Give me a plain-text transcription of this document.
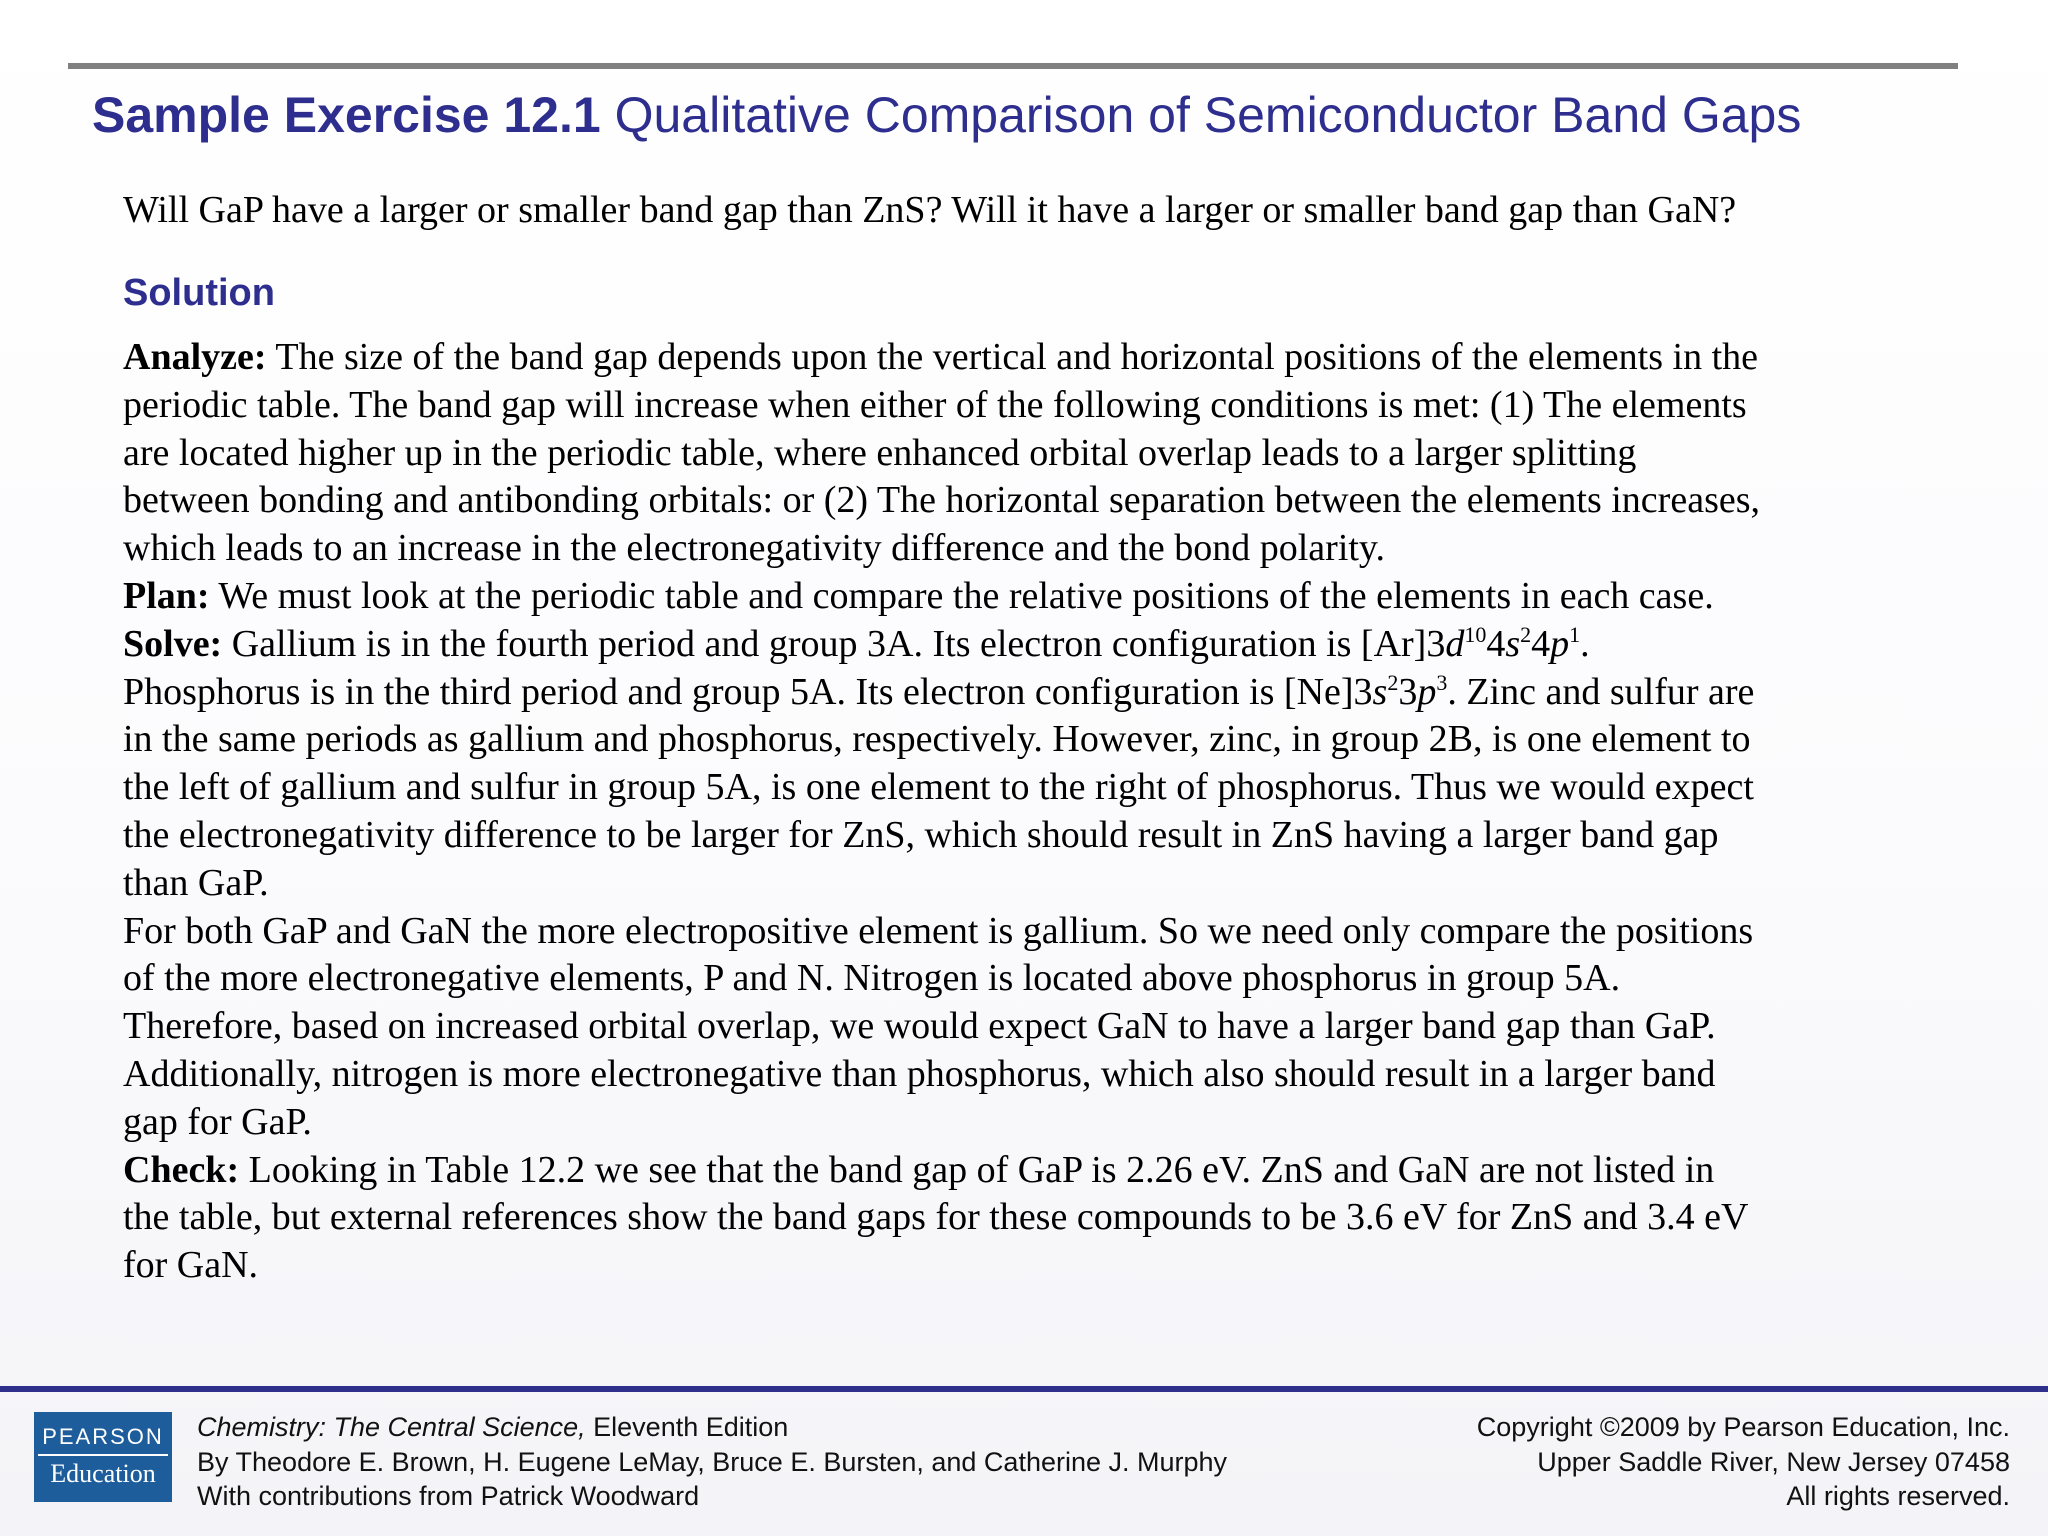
Sample Exercise 12.1 Qualitative Comparison of Semiconductor Band Gaps
Will GaP have a larger or smaller band gap than ZnS? Will it have a larger or smaller band gap than GaN?
Solution
Analyze: The size of the band gap depends upon the vertical and horizontal positions of the elements in the
periodic table. The band gap will increase when either of the following conditions is met: (1) The elements
are located higher up in the periodic table, where enhanced orbital overlap leads to a larger splitting
between bonding and antibonding orbitals: or (2) The horizontal separation between the elements increases,
which leads to an increase in the electronegativity difference and the bond polarity.
Plan: We must look at the periodic table and compare the relative positions of the elements in each case.
Solve: Gallium is in the fourth period and group 3A. Its electron configuration is $[Ar]3d^{10}4s^24p^1$.
Phosphorus is in the third period and group 5A. Its electron configuration is $[Ne]3s^23p^3$. Zinc and sulfur are
in the same periods as gallium and phosphorus, respectively. However, zinc, in group 2B, is one element to
the left of gallium and sulfur in group 5A, is one element to the right of phosphorus. Thus we would expect
the electronegativity difference to be larger for ZnS, which should result in ZnS having a larger band gap
than GaP.
For both GaP and GaN the more electropositive element is gallium. So we need only compare the positions
of the more electronegative elements, P and N. Nitrogen is located above phosphorus in group 5A.
Therefore, based on increased orbital overlap, we would expect GaN to have a larger band gap than GaP.
Additionally, nitrogen is more electronegative than phosphorus, which also should result in a larger band
gap for GaP.
Check: Looking in Table 12.2 we see that the band gap of GaP is 2.26 eV. ZnS and GaN are not listed in
the table, but external references show the band gaps for these compounds to be 3.6 eV for ZnS and 3.4 eV
for GaN.
PEARSON
Education
Chemistry: The Central Science, Eleventh Edition
By Theodore E. Brown, H. Eugene LeMay, Bruce E. Bursten, and Catherine J. Murphy
With contributions from Patrick Woodward
Copyright ©2009 by Pearson Education, Inc.
Upper Saddle River, New Jersey 07458
All rights reserved.
